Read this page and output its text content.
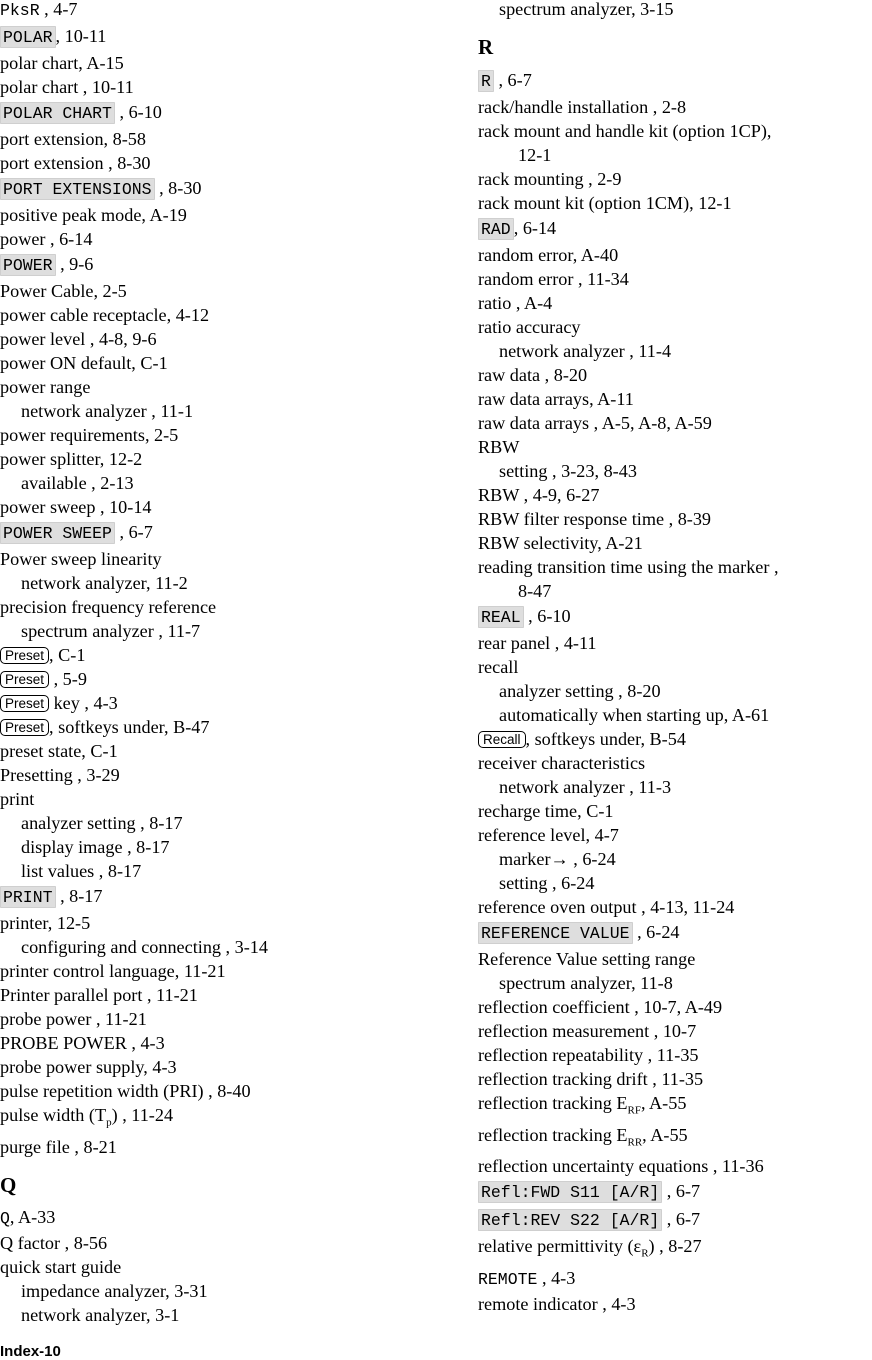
PksR , 4-7
POLAR , 10-11
polar chart, A-15
polar chart , 10-11
POLAR CHART , 6-10
port extension, 8-58
port extension , 8-30
PORT EXTENSIONS , 8-30
positive peak mode, A-19
power , 6-14
POWER , 9-6
Power Cable, 2-5
power cable receptacle, 4-12
power level , 4-8, 9-6
power ON default, C-1
power range
network analyzer , 11-1
power requirements, 2-5
power splitter, 12-2
available , 2-13
power sweep , 10-14
POWER SWEEP , 6-7
Power sweep linearity
network analyzer, 11-2
precision frequency reference
spectrum analyzer , 11-7
Preset , C-1
Preset , 5-9
Preset key , 4-3
Preset , softkeys under, B-47
preset state, C-1
Presetting , 3-29
print
analyzer setting , 8-17
display image , 8-17
list values , 8-17
PRINT , 8-17
printer, 12-5
configuring and connecting , 3-14
printer control language, 11-21
Printer parallel port , 11-21
probe power , 11-21
PROBE POWER , 4-3
probe power supply, 4-3
pulse repetition width (PRI) , 8-40
pulse width $(T_p)$ , 11-24
purge file , 8-21
Q
Q, A-33
Q factor , 8-56
quick start guide
impedance analyzer, 3-31
network analyzer, 3-1
spectrum analyzer, 3-15
R
R , 6-7
rack/handle installation , 2-8
rack mount and handle kit (option 1CP),
12-1
rack mounting , 2-9
rack mount kit (option 1CM), 12-1
RAD , 6-14
random error, A-40
random error , 11-34
ratio , A-4
ratio accuracy
network analyzer , 11-4
raw data , 8-20
raw data arrays, A-11
raw data arrays , A-5, A-8, A-59
RBW
setting , 3-23, 8-43
RBW , 4-9, 6-27
RBW filter response time , 8-39
RBW selectivity, A-21
reading transition time using the marker ,
8-47
REAL , 6-10
rear panel , 4-11
recall
analyzer setting , 8-20
automatically when starting up, A-61
Recall , softkeys under, B-54
receiver characteristics
network analyzer , 11-3
recharge time, C-1
reference level, 4-7
marker→ , 6-24
setting , 6-24
reference oven output , 4-13, 11-24
REFERENCE VALUE , 6-24
Reference Value setting range
spectrum analyzer, 11-8
reflection coefficient , 10-7, A-49
reflection measurement , 10-7
reflection repeatability , 11-35
reflection tracking drift , 11-35
reflection tracking $E_{RF}$, A-55
reflection tracking $E_{RR}$, A-55
reflection uncertainty equations , 11-36
Refl:FWD S11 [A/R] , 6-7
Refl:REV S22 [A/R] , 6-7
relative permittivity $(\varepsilon_R)$ , 8-27
REMOTE , 4-3
remote indicator , 4-3
Index-10
